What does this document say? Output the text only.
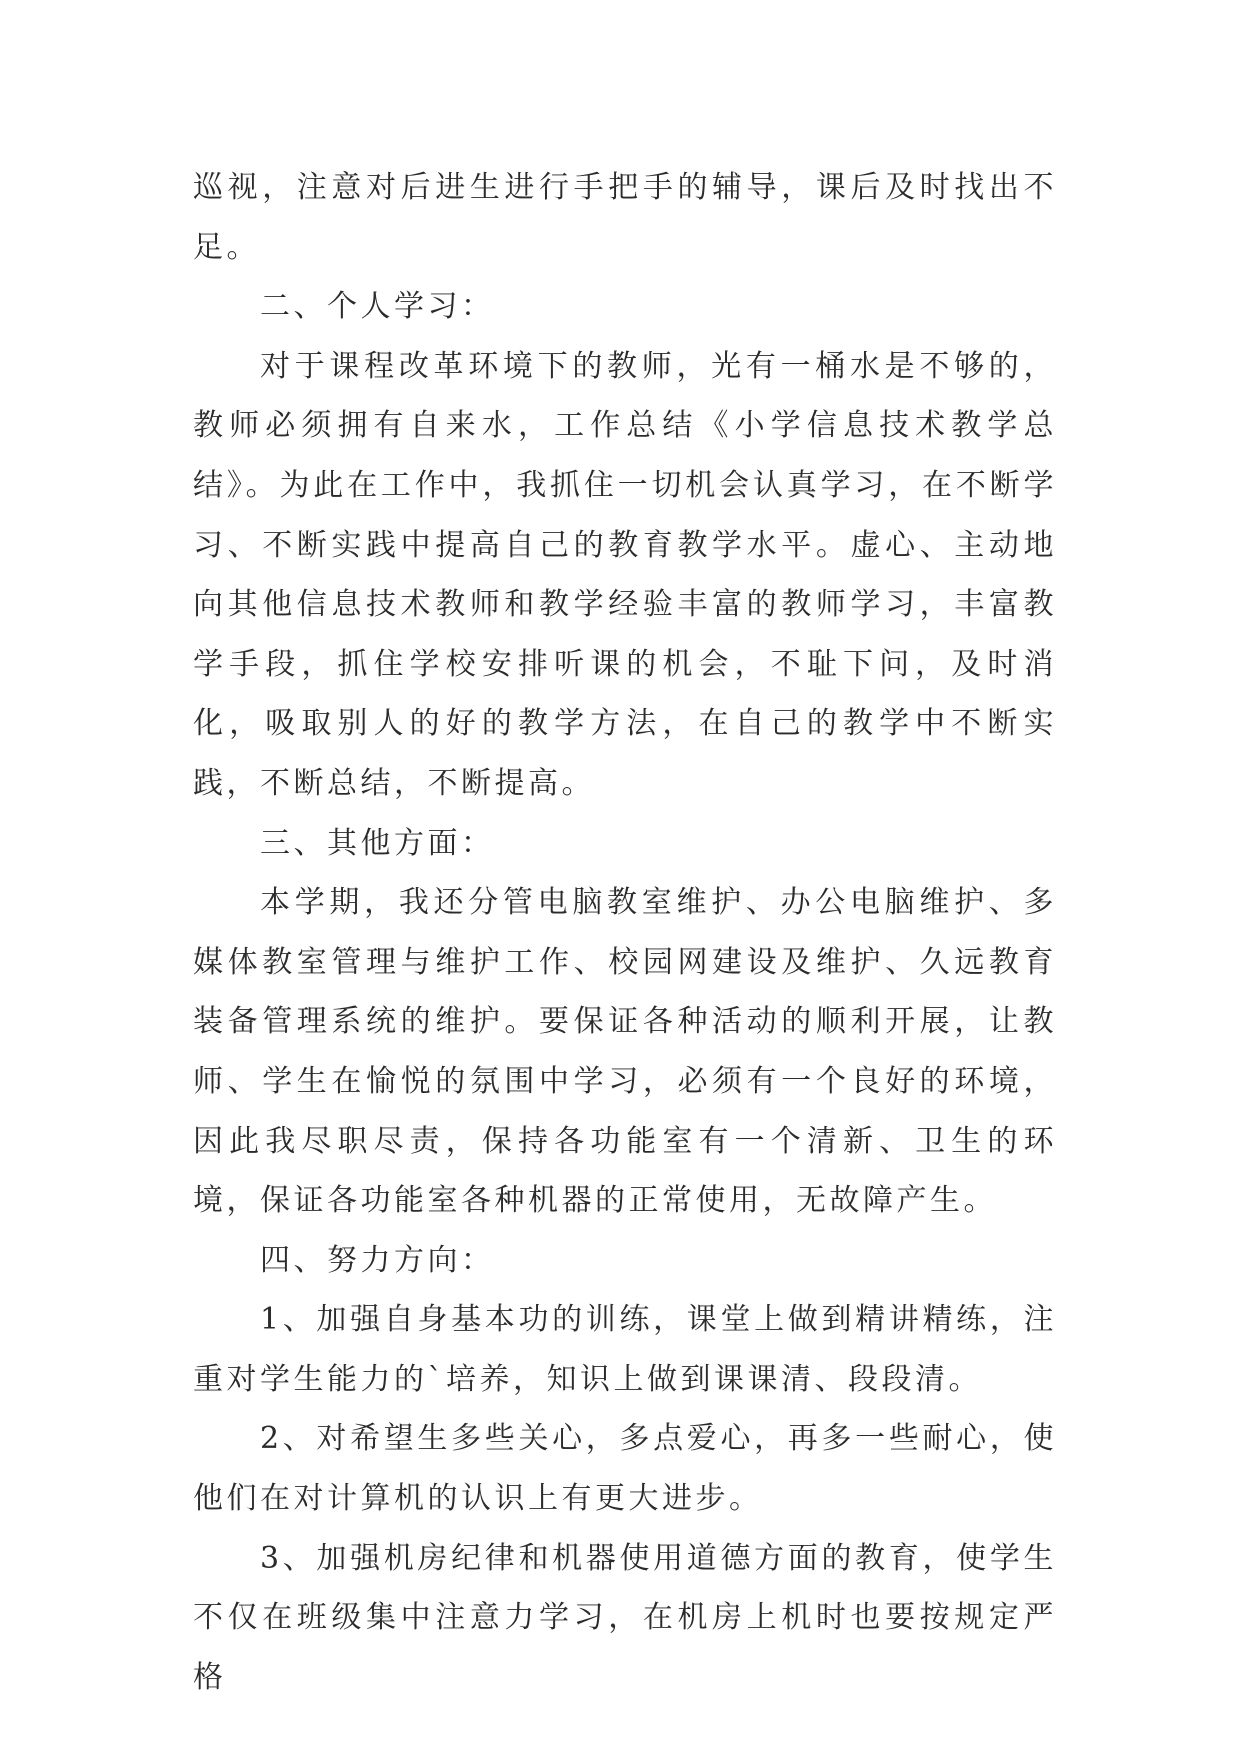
巡视，注意对后进生进行手把手的辅导，课后及时找出不足。

二、个人学习：

对于课程改革环境下的教师，光有一桶水是不够的，教师必须拥有自来水，工作总结《小学信息技术教学总结》。为此在工作中，我抓住一切机会认真学习，在不断学习、不断实践中提高自己的教育教学水平。虚心、主动地向其他信息技术教师和教学经验丰富的教师学习，丰富教学手段，抓住学校安排听课的机会，不耻下问，及时消化，吸取别人的好的教学方法，在自己的教学中不断实践，不断总结，不断提高。

三、其他方面：

本学期，我还分管电脑教室维护、办公电脑维护、多媒体教室管理与维护工作、校园网建设及维护、久远教育装备管理系统的维护。要保证各种活动的顺利开展，让教师、学生在愉悦的氛围中学习，必须有一个良好的环境，因此我尽职尽责，保持各功能室有一个清新、卫生的环境，保证各功能室各种机器的正常使用，无故障产生。

四、努力方向：

1、加强自身基本功的训练，课堂上做到精讲精练，注重对学生能力的`培养，知识上做到课课清、段段清。

2、对希望生多些关心，多点爱心，再多一些耐心，使他们在对计算机的认识上有更大进步。

3、加强机房纪律和机器使用道德方面的教育，使学生不仅在班级集中注意力学习，在机房上机时也要按规定严格
